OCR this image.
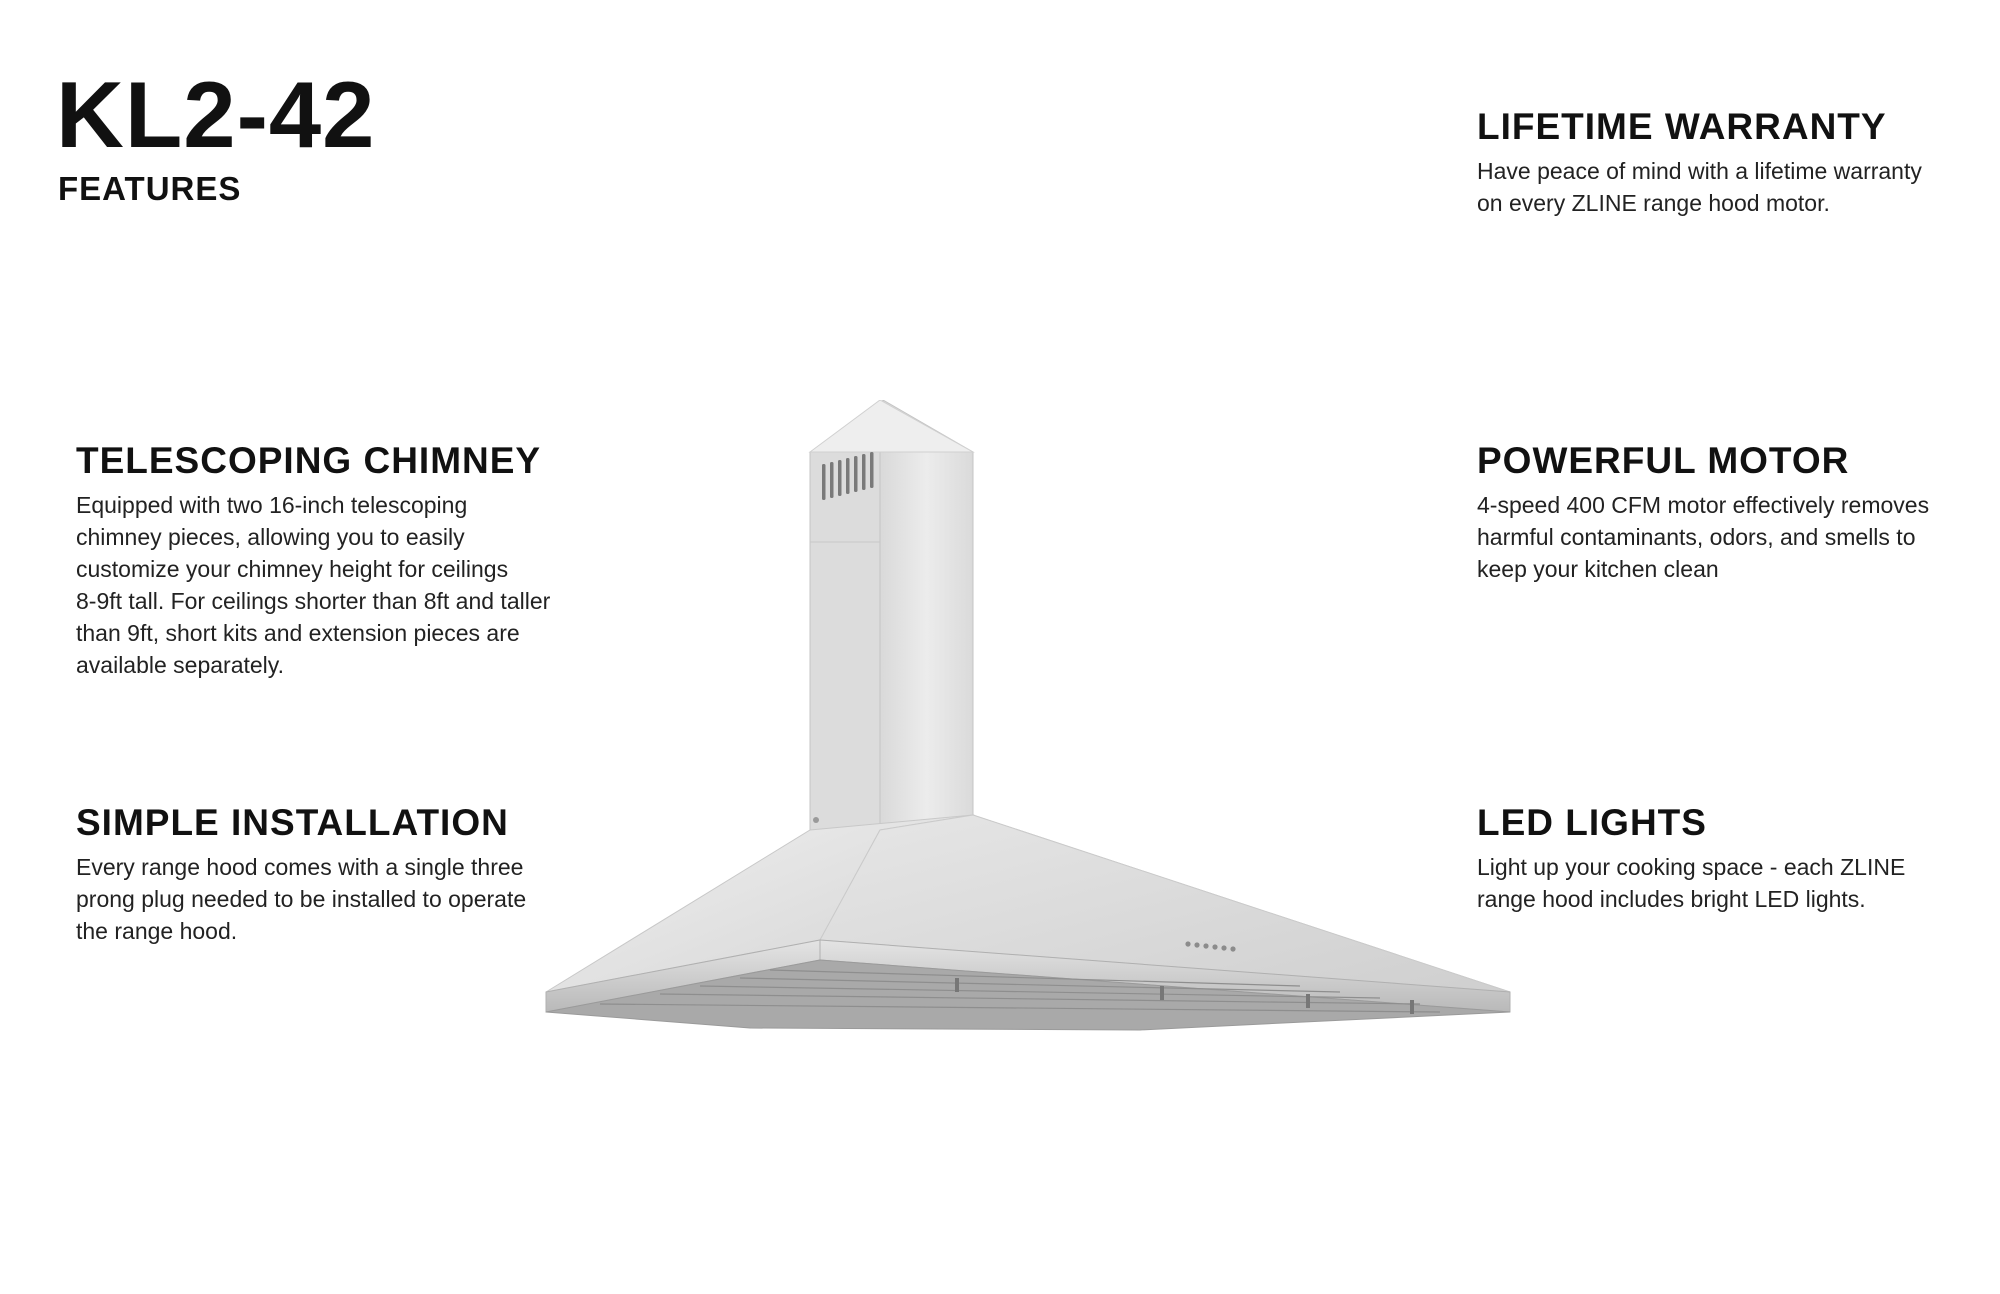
KL2-42
FEATURES
LIFETIME WARRANTY

Have peace of mind with a lifetime warranty
on every ZLINE range hood motor.

POWERFUL MOTOR

4-speed 400 CFM motor effectively removes
harmful contaminants, odors, and smells to
keep your kitchen clean

LED LIGHTS

Light up your cooking space - each ZLINE
range hood includes bright LED lights.

TELESCOPING CHIMNEY

Equipped with two 16-inch telescoping
chimney pieces, allowing you to easily
customize your chimney height for ceilings
8-9ft tall. For ceilings shorter than 8ft and taller
than 9ft, short kits and extension pieces are
available separately.

SIMPLE INSTALLATION

Every range hood comes with a single three
prong plug needed to be installed to operate
the range hood.
